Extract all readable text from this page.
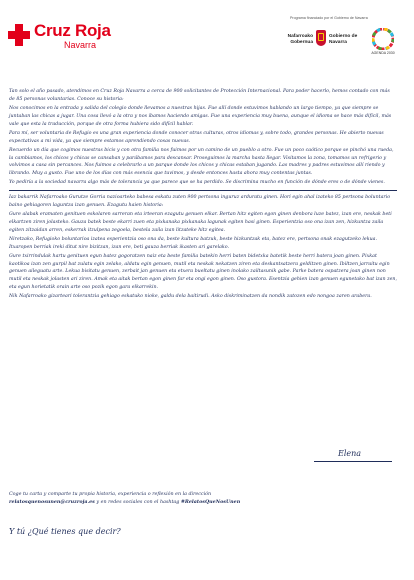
Cruz Roja
Navarra
Programa financiado por el Gobierno de Navarra
Nafarroako Gobernua
Gobierno de Navarra
AGENDA 2030

Tan solo el año pasado, atendimos en Cruz Roja Navarra a cerca de 900 solicitantes de Protección Internacional. Para poder hacerlo, hemos contado con más de 85 personas voluntarias. Conoce su historia:

Nos conocimos en la entrada y salida del colegio donde llevamos a nuestras hijas. Fue allí donde estuvimos hablando un largo tiempo, ya que siempre se juntaban las chicas a jugar. Una cosa llevó a la otra y nos íbamos haciendo amigas. Fue una experiencia muy buena, aunque el idioma se hace más difícil, más vale que esta la traducción, porque de otra forma hubiera sido difícil hablar.

Para mí, ser voluntaria de Refugio es una gran experiencia donde conocer otras culturas, otros idiomas y, sobre todo, grandes personas. He abierto nuevas expectativas a mi vida, ya que siempre estamos aprendiendo cosas nuevas.

Recuerdo un día que cogimos nuestras bicis y con otra familia nos fuimos por un camino de un pueblo a otro. Fue un poco caótico porque se pinchó una rueda, la cambiamos, los chicos y chicas se cansaban y parábamos para descansar. Proseguimos la marcha hasta llegar. Visitamos la zona, tomamos un refrigerio y volvimos a casa sin percances. Nos fuimos a celebrarlo a un parque donde los chicos y chicas estaban jugando. Las madres y padres estuvimos allí riendo y librando. Muy a gusto. Fue uno de los días con más esencia que tuvimos, y desde entonces hasta ahora muy contentas juntas.

Yo pediría a la sociedad navarra algo más de tolerancia ya que parece que se ha perdido. Se discrimina mucho en función de dónde eres o de dónde vienes.

Iaz bakarrik Nafarroako Gurutze Gorria nazioarteko babesa eskatu zuten 900 pertsona inguruz arduratu ginen. Hori egin ahal izateko 85 pertsona boluntario baino gehiagoren laguntza izan genuen. Ezagutu haien historia:

Gure alabak eramaten genituen eskolaren sarreran eta irteeran ezagutu genuen elkar. Bertan hitz egiten egon ginen denbora luze batez, izan ere, neskak beti elkartzen ziren jolasteko. Gauza batek beste ekarri zuen eta pixkanaka pixkanaka lagunak egiten hasi ginen. Esperientzia oso ona izan zen, hizkuntza zaila egiten zitzaidan arren, eskerrak itzulpena zegoela, bestela zaila izan litzateke hitz egitea.

Niretzako, Refugioko boluntarioa izatea esperientzia oso ona da, beste kultura batzuk, beste hizkuntzak eta, batez ere, pertsona onak ezagutzeko lekua. Itxaropen berriak ireki ditut nire bizitzan, izan ere, beti gauza berriak ikasten ari garelako.

Gure txirrindulak hartu genituen egun batez gogoratzen naiz eta beste familia batekin herri baten bidetxka batetik beste herri batera joan ginen. Pixkat kaotikoa izan zen gurpil bat zulatu egin zelako, aldatu egin genuen, mutil eta neskak nekatzen ziren eta deskantsatzera gelditzen ginen. Ibiltzen jarraitu egin genuen aileguatu arte. Lekua bisitatu genuen, zerbait jan genuen eta etxera bueltatu ginen inolako zailtasunik gabe. Parke batera ospatzera joan ginen non mutil eta neskak jolasten ari ziren. Amak eta aitak bertan egon ginen far eta ongi egon ginen. Oso gustora. Esentzia gehien izan genuen egunetako bat izan zen, eta egun horietatik orain arte oso pozik egon gara elkarrekin.

Nik Nafarroako gizarteari tolerantzia gehiago eskatuko nioke, galdu dela baitirudi. Asko diskriminatzen da nondik zatozen edo nongoa zaren arabera.

Elena
Coge tu carta y comparte tu propia historia, experiencia o reflexión en la dirección
relatosquenosunen@cruzroja.es y en redes sociales con el hashtag #RelatosQueNosUnen
Y tú ¿Qué tienes que decir?
